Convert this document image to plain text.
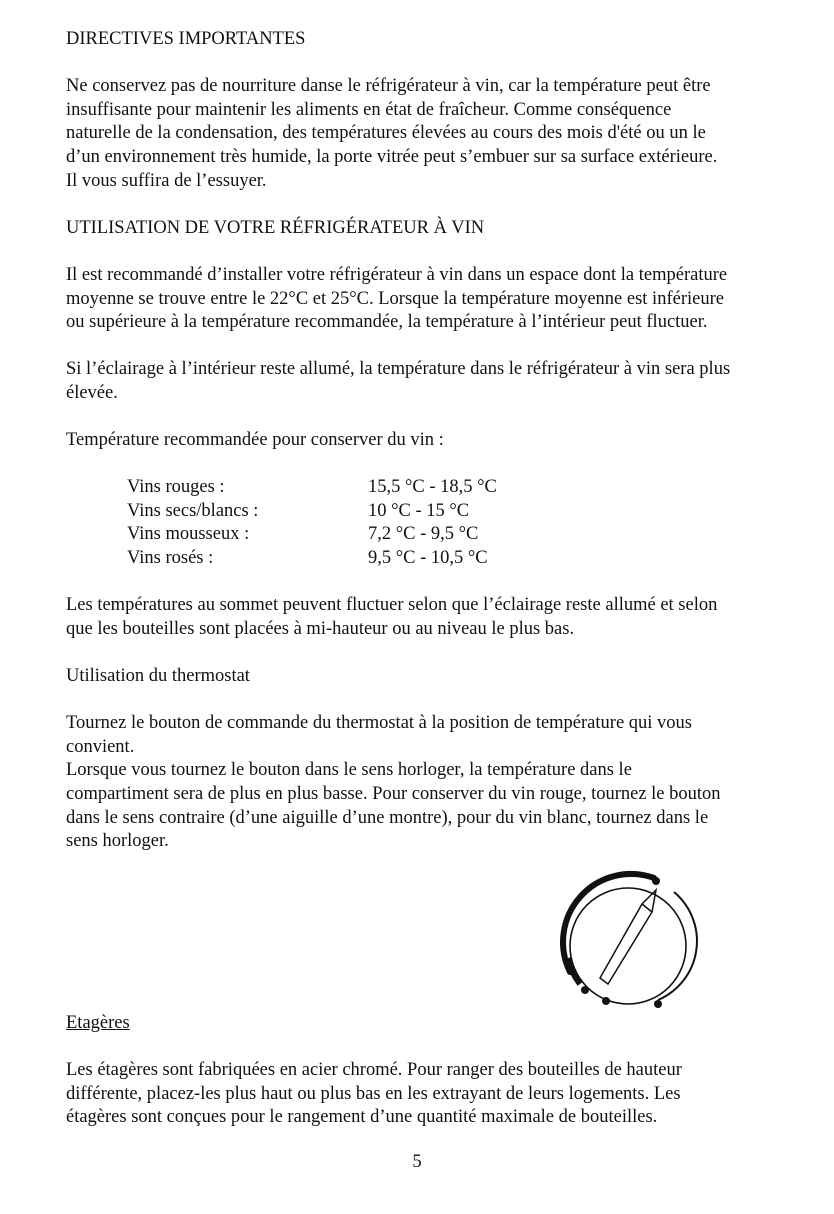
DIRECTIVES IMPORTANTES
Ne conservez pas de nourriture danse le réfrigérateur à vin, car la température peut être
insuffisante pour maintenir les aliments en état de fraîcheur. Comme conséquence
naturelle de la condensation, des températures élevées au cours des mois d'été ou un le
d’un environnement très humide, la porte vitrée peut s’embuer sur sa surface extérieure.
Il vous suffira de l’essuyer.
UTILISATION DE VOTRE RÉFRIGÉRATEUR À VIN
Il est recommandé d’installer votre réfrigérateur à vin dans un espace dont la température
moyenne se trouve entre le 22°C et 25°C. Lorsque la température moyenne est inférieure
ou supérieure à la température recommandée, la température à l’intérieur peut fluctuer.
Si l’éclairage à l’intérieur reste allumé, la température dans le réfrigérateur à vin sera plus
élevée.
Température recommandée pour conserver du vin :
Vins rouges :	15,5 °C - 18,5 °C
Vins secs/blancs :	10 °C - 15 °C
Vins mousseux :	7,2 °C - 9,5 °C
Vins rosés :	9,5 °C - 10,5 °C
Les températures au sommet peuvent fluctuer selon que l’éclairage reste allumé et selon
que les bouteilles sont placées à mi-hauteur ou au niveau le plus bas.
Utilisation du thermostat
Tournez le bouton de commande du thermostat à la position de température qui vous
convient.
Lorsque vous tournez le bouton dans le sens horloger, la température dans le
compartiment sera de plus en plus basse. Pour conserver du vin rouge, tournez le bouton
dans le sens contraire (d’une aiguille d’une montre), pour du vin blanc, tournez dans le
sens horloger.
Etagères
Les étagères sont fabriquées en acier chromé. Pour ranger des bouteilles de hauteur
différente, placez-les plus haut ou plus bas en les extrayant de leurs logements. Les
étagères sont conçues pour le rangement d’une quantité maximale de bouteilles.
5
